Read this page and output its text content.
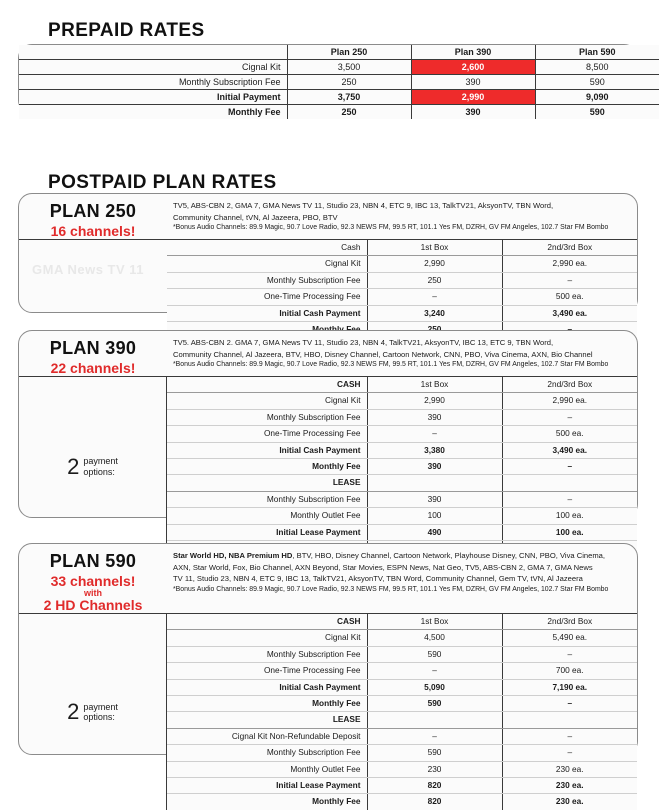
PREPAID RATES
	Plan 250	Plan 390	Plan 590
Cignal Kit	3,500	2,600	8,500
Monthly Subscription Fee	250	390	590
Initial Payment	3,750	2,990	9,090
Monthly Fee	250	390	590
POSTPAID PLAN RATES
PLAN 250
16 channels!
TV5, ABS-CBN 2, GMA 7, GMA News TV 11, Studio 23, NBN 4, ETC 9, IBC 13, TalkTV21, AksyonTV, TBN Word,
Community Channel, tVN, Al Jazeera, PBO, BTV
*Bonus Audio Channels: 89.9 Magic, 90.7 Love Radio, 92.3 NEWS FM, 99.5 RT, 101.1 Yes FM, DZRH, GV FM Angeles, 102.7 Star FM Bombo
Cash	1st Box	2nd/3rd Box
Cignal Kit	2,990	2,990 ea.
Monthly Subscription Fee	250	–
One-Time Processing Fee	–	500 ea.
Initial Cash Payment	3,240	3,490 ea.

PLAN 390
22 channels!
TV5. ABS-CBN 2. GMA 7, GMA News TV 11, Studio 23, NBN 4, TalkTV21, AksyonTV, IBC 13, ETC 9, TBN Word,
Community Channel, Al Jazeera, BTV, HBO, Disney Channel, Cartoon Network, CNN, PBO, Viva Cinema, AXN, Bio Channel
*Bonus Audio Channels: 89.9 Magic, 90.7 Love Radio, 92.3 NEWS FM, 99.5 RT, 101.1 Yes FM, DZRH, GV FM Angeles, 102.7 Star FM Bombo
2 payment
options:
CASH	1st Box	2nd/3rd Box
Cignal Kit	2,990	2,990 ea.
Monthly Subscription Fee	390	–
One-Time Processing Fee	–	500 ea.
Initial Cash Payment	3,380	3,490 ea.
Monthly Fee	390	–
LEASE		
Monthly Subscription Fee	390	–
Monthly Outlet Fee	100	100 ea.
Initial Lease Payment	490	100 ea.

PLAN 590
33 channels!
with
2 HD Channels
Star World HD, NBA Premium HD, BTV, HBO, Disney Channel, Cartoon Network, Playhouse Disney, CNN, PBO, Viva Cinema,
AXN, Star World, Fox, Bio Channel, AXN Beyond, Star Movies, ESPN News, Nat Geo, TV5, ABS-CBN 2, GMA 7, GMA News
TV 11, Studio 23, NBN 4, ETC 9, IBC 13, TalkTV21, AksyonTV, TBN Word, Community Channel, Gem TV, tVN, Al Jazeera
*Bonus Audio Channels: 89.9 Magic, 90.7 Love Radio, 92.3 NEWS FM, 99.5 RT, 101.1 Yes FM, DZRH, GV FM Angeles, 102.7 Star FM Bombo
2 payment
options:
CASH	1st Box	2nd/3rd Box
Cignal Kit	4,500	5,490 ea.
Monthly Subscription Fee	590	–
One-Time Processing Fee	–	700 ea.
Initial Cash Payment	5,090	7,190 ea.
Monthly Fee	590	–
LEASE		
Cignal Kit Non-Refundable Deposit	–	–
Monthly Subscription Fee	590	–
Monthly Outlet Fee	230	230 ea.
Initial Lease Payment	820	230 ea.
Monthly Fee	820	230 ea.
GMA News TV 11
